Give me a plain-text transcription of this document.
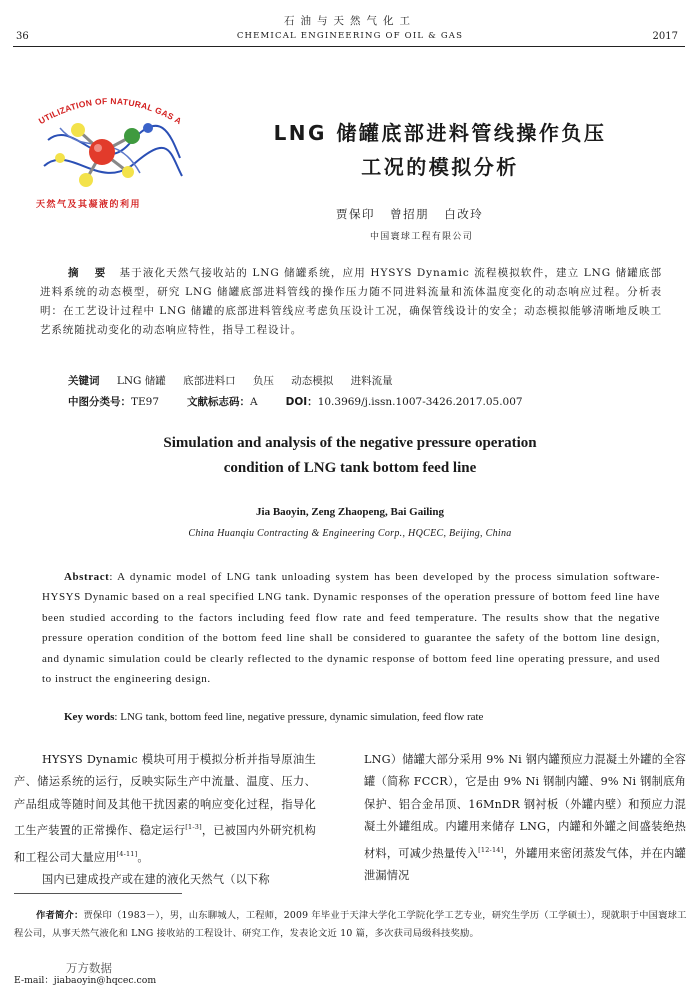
石油与天然气化工
36	CHEMICAL ENGINEERING OF OIL & GAS	2017
UTILIZATION OF NATURAL GAS A
天然气及其凝液的利用
LNG 储罐底部进料管线操作负压
工况的模拟分析
贾保印 曾招朋 白改玲
中国寰球工程有限公司
摘 要 基于液化天然气接收站的 LNG 储罐系统，应用 HYSYS Dynamic 流程模拟软件，建立 LNG 储罐底部进料系统的动态模型，研究 LNG 储罐底部进料管线的操作压力随不同进料流量和流体温度变化的动态响应过程。分析表明：在工艺设计过程中 LNG 储罐的底部进料管线应考虑负压设计工况，确保管线设计的安全；动态模拟能够清晰地反映工艺系统随扰动变化的动态响应特性，指导工程设计。
关键词 LNG 储罐 底部进料口 负压 动态模拟 进料流量
中图分类号：TE97	文献标志码：A	DOI：10.3969/j.issn.1007-3426.2017.05.007
Simulation and analysis of the negative pressure operation
condition of LNG tank bottom feed line
Jia Baoyin, Zeng Zhaopeng, Bai Gailing
China Huanqiu Contracting & Engineering Corp., HQCEC, Beijing, China
Abstract: A dynamic model of LNG tank unloading system has been developed by the process simulation software-HYSYS Dynamic based on a real specified LNG tank. Dynamic responses of the operation pressure of bottom feed line have been studied according to the factors including feed flow rate and feed temperature. The results show that the negative pressure operation condition of the bottom feed line shall be considered to guarantee the safety of the bottom line design, and dynamic simulation could be clearly reflected to the dynamic response of bottom feed line operating pressure, and used to instruct the engineering design.
Key words: LNG tank, bottom feed line, negative pressure, dynamic simulation, feed flow rate

HYSYS Dynamic 模块可用于模拟分析并指导原油生产、储运系统的运行，反映实际生产中流量、温度、压力、产品组成等随时间及其他干扰因素的响应变化过程，指导化工生产装置的正常操作、稳定运行[1-3]，已被国内外研究机构和工程公司大量应用[4-11]。

国内已建成投产或在建的液化天然气（以下称

LNG）储罐大部分采用 9% Ni 钢内罐预应力混凝土外罐的全容罐（简称 FCCR），它是由 9% Ni 钢制内罐、9% Ni 钢制底角保护、铝合金吊顶、16MnDR 钢衬板（外罐内壁）和预应力混凝土外罐组成。内罐用来储存 LNG，内罐和外罐之间盛装绝热材料，可减少热量传入[12-14]，外罐用来密闭蒸发气体，并在内罐泄漏情况

作者简介：贾保印（1983－），男，山东聊城人，工程师，2009 年毕业于天津大学化工学院化学工艺专业，研究生学历（工学硕士），现就职于中国寰球工程公司，从事天然气液化和 LNG 接收站的工程设计、研究工作，发表论文近 10 篇，多次获司局级科技奖励。
E-mail：jiabaoyin@hqcec.com
万方数据
